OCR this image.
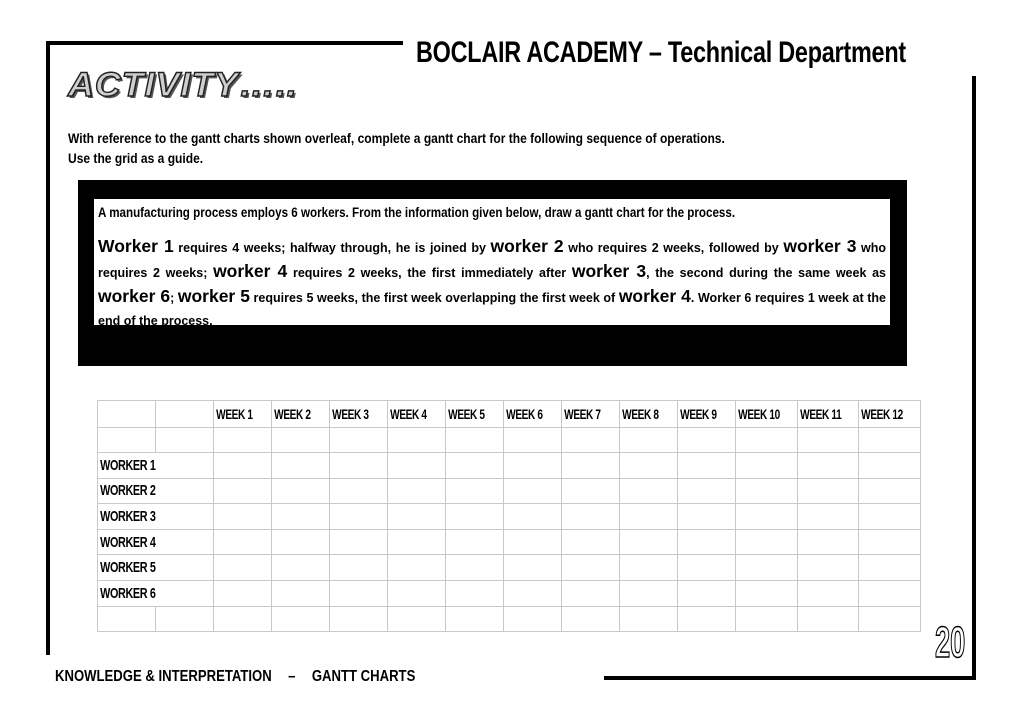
BOCLAIR ACADEMY – Technical Department
ACTIVITY…..
With reference to the gantt charts shown overleaf, complete a gantt chart for the following sequence of operations.
Use the grid as a guide.
A manufacturing process employs 6 workers. From the information given below, draw a gantt chart for the process.
Worker 1 requires 4 weeks; halfway through, he is joined by worker 2 who requires 2 weeks, followed by worker 3 who requires 2 weeks; worker 4 requires 2 weeks, the first immediately after worker 3, the second during the same week as worker 6; worker 5 requires 5 weeks, the first week overlapping the first week of worker 4. Worker 6 requires 1 week at the end of the process.
		WEEK 1	WEEK 2	WEEK 3	WEEK 4	WEEK 5	WEEK 6	WEEK 7	WEEK 8	WEEK 9	WEEK 10	WEEK 11	WEEK 12

WORKER 1													
WORKER 2													
WORKER 3													
WORKER 4													
WORKER 5													
WORKER 6													

20
KNOWLEDGE & INTERPRETATION – GANTT CHARTS
